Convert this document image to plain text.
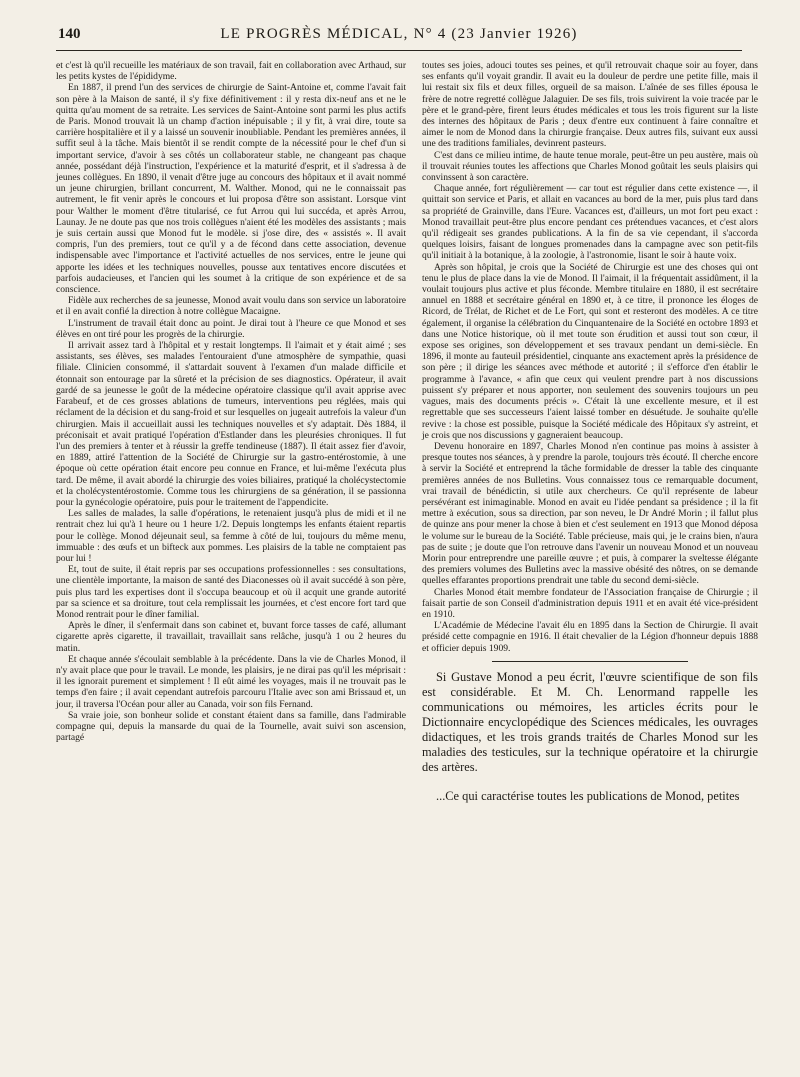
140	LE PROGRÈS MÉDICAL, N° 4 (23 Janvier 1926)

et c'est là qu'il recueille les matériaux de son travail, fait en collaboration avec Arthaud, sur les petits kystes de l'épididyme.

En 1887, il prend l'un des services de chirurgie de Saint-Antoine et, comme l'avait fait son père à la Maison de santé, il s'y fixe définitivement : il y resta dix-neuf ans et ne le quitta qu'au moment de sa retraite. Les services de Saint-Antoine sont parmi les plus actifs de Paris. Monod trouvait là un champ d'action inépuisable ; il y fit, à vrai dire, toute sa carrière hospitalière et il y a laissé un souvenir inoubliable. Pendant les premières années, il suffit seul à la tâche. Mais bientôt il se rendit compte de la nécessité pour le chef d'un si important service, d'avoir à ses côtés un collaborateur stable, ne changeant pas chaque année, possédant déjà l'instruction, l'expérience et la maturité d'esprit, et il s'adressa à de jeunes collègues. En 1890, il venait d'être juge au concours des hôpitaux et il avait nommé un jeune chirurgien, brillant concurrent, M. Walther. Monod, qui ne le connaissait pas autrement, le fit venir après le concours et lui proposa d'être son assistant. Lorsque vint pour Walther le moment d'être titularisé, ce fut Arrou qui lui succéda, et après Arrou, Launay. Je ne doute pas que nos trois collègues n'aient été les modèles des assistants ; mais je suis certain aussi que Monod fut le modèle. si j'ose dire, des « assistés ». Il avait compris, l'un des premiers, tout ce qu'il y a de fécond dans cette association, devenue indispensable avec l'importance et l'activité actuelles de nos services, entre le jeune qui apporte les idées et les techniques nouvelles, pousse aux tentatives encore discutées et parfois audacieuses, et l'ancien qui les soumet à la critique de son expérience et de sa conscience.

Fidèle aux recherches de sa jeunesse, Monod avait voulu dans son service un laboratoire et il en avait confié la direction à notre collègue Macaigne.

L'instrument de travail était donc au point. Je dirai tout à l'heure ce que Monod et ses élèves en ont tiré pour les progrès de la chirurgie.

Il arrivait assez tard à l'hôpital et y restait longtemps. Il l'aimait et y était aimé ; ses assistants, ses élèves, ses malades l'entouraient d'une atmosphère de sympathie, quasi filiale. Clinicien consommé, il s'attardait souvent à l'examen d'un malade difficile et étonnait son entourage par la sûreté et la précision de ses diagnostics. Opérateur, il avait gardé de sa jeunesse le goût de la médecine opératoire classique qu'il avait apprise avec Farabeuf, et de ces grosses ablations de tumeurs, interventions peu réglées, mais qui réclament de la décision et du sang-froid et sur lesquelles on jugeait autrefois la valeur d'un chirurgien. Mais il accueillait aussi les techniques nouvelles et s'y adaptait. Dès 1884, il préconisait et avait pratiqué l'opération d'Estlander dans les pleurésies chroniques. Il fut l'un des premiers à tenter et à réussir la greffe tendineuse (1887). Il était assez fier d'avoir, en 1889, attiré l'attention de la Société de Chirurgie sur la gastro-entérostomie, à une époque où cette opération était encore peu connue en France, et lui-même l'exécuta plus tard. De même, il avait abordé la chirurgie des voies biliaires, pratiqué la cholécystectomie et la cholécystentérostomie. Comme tous les chirurgiens de sa génération, il se passionna pour la gynécologie opératoire, puis pour le traitement de l'appendicite.

Les salles de malades, la salle d'opérations, le retenaient jusqu'à plus de midi et il ne rentrait chez lui qu'à 1 heure ou 1 heure 1/2. Depuis longtemps les enfants étaient repartis pour le collège. Monod déjeunait seul, sa femme à côté de lui, toujours du même menu, immuable : des œufs et un bifteck aux pommes. Les plaisirs de la table ne comptaient pas pour lui !

Et, tout de suite, il était repris par ses occupations professionnelles : ses consultations, une clientèle importante, la maison de santé des Diaconesses où il avait succédé à son père, puis plus tard les expertises dont il s'occupa beaucoup et où il acquit une grande autorité par sa science et sa droiture, tout cela remplissait les journées, et c'est encore fort tard que Monod rentrait pour le dîner familial.

Après le dîner, il s'enfermait dans son cabinet et, buvant force tasses de café, allumant cigarette après cigarette, il travaillait, travaillait sans relâche, jusqu'à 1 ou 2 heures du matin.

Et chaque année s'écoulait semblable à la précédente. Dans la vie de Charles Monod, il n'y avait place que pour le travail. Le monde, les plaisirs, je ne dirai pas qu'il les méprisait : il les ignorait purement et simplement ! Il eût aimé les voyages, mais il ne trouvait pas le temps d'en faire ; il avait cependant autrefois parcouru l'Italie avec son ami Brissaud et, un jour, il traversa l'Océan pour aller au Canada, voir son fils Fernand.

Sa vraie joie, son bonheur solide et constant étaient dans sa famille, dans l'admirable compagne qui, depuis la mansarde du quai de la Tournelle, avait suivi son ascension, partagé

toutes ses joies, adouci toutes ses peines, et qu'il retrouvait chaque soir au foyer, dans ses enfants qu'il voyait grandir. Il avait eu la douleur de perdre une petite fille, mais il lui restait six fils et deux filles, orgueil de sa maison. L'aînée de ses filles épousa le frère de notre regretté collègue Jalaguier. De ses fils, trois suivirent la voie tracée par le père et le grand-père, firent leurs études médicales et tous les trois figurent sur la liste des internes des hôpitaux de Paris ; deux d'entre eux continuent à faire connaître et aimer le nom de Monod dans la chirurgie française. Deux autres fils, suivant eux aussi une des traditions familiales, devinrent pasteurs.

C'est dans ce milieu intime, de haute tenue morale, peut-être un peu austère, mais où il trouvait réunies toutes les affections que Charles Monod goûtait les seuls plaisirs qui convinssent à son caractère.

Chaque année, fort régulièrement — car tout est régulier dans cette existence —, il quittait son service et Paris, et allait en vacances au bord de la mer, puis plus tard dans sa propriété de Grainville, dans l'Eure. Vacances est, d'ailleurs, un mot fort peu exact : Monod travaillait peut-être plus encore pendant ces prétendues vacances, et c'est alors qu'il rédigeait ses grandes publications. A la fin de sa vie cependant, il s'accorda quelques loisirs, faisant de longues promenades dans la campagne avec son petit-fils qu'il initiait à la botanique, à la zoologie, à l'astronomie, lisant le soir à haute voix.

Après son hôpital, je crois que la Société de Chirurgie est une des choses qui ont tenu le plus de place dans la vie de Monod. Il l'aimait, il la fréquentait assidûment, il la voulait toujours plus active et plus féconde. Membre titulaire en 1880, il est secrétaire annuel en 1888 et secrétaire général en 1890 et, à ce titre, il prononce les éloges de Ricord, de Trélat, de Richet et de Le Fort, qui sont et resteront des modèles. A ce titre également, il organise la célébration du Cinquantenaire de la Société en octobre 1893 et dans une Notice historique, où il met toute son érudition et aussi tout son cœur, il expose ses origines, son développement et ses travaux pendant un demi-siècle. En 1896, il monte au fauteuil présidentiel, cinquante ans exactement après la présidence de son père ; il dirige les séances avec méthode et autorité ; il s'efforce d'en établir le programme à l'avance, « afin que ceux qui veulent prendre part à nos discussions puissent s'y préparer et nous apporter, non seulement des souvenirs toujours un peu vagues, mais des documents précis ». C'était là une excellente mesure, et il est regrettable que ses successeurs l'aient laissé tomber en désuétude. Je souhaite qu'elle revive : la chose est possible, puisque la Société médicale des Hôpitaux s'y astreint, et je crois que nos discussions y gagneraient beaucoup.

Devenu honoraire en 1897, Charles Monod n'en continue pas moins à assister à presque toutes nos séances, à y prendre la parole, toujours très écouté. Il cherche encore à servir la Société et entreprend la tâche formidable de dresser la table des cinquante premières années de nos Bulletins. Vous connaissez tous ce remarquable document, vrai travail de bénédictin, si utile aux chercheurs. Ce qu'il représente de labeur persévérant est inimaginable. Monod en avait eu l'idée pendant sa présidence ; il la fit mettre à exécution, sous sa direction, par son neveu, le Dr André Morin ; il fallut plus de quinze ans pour mener la chose à bien et c'est seulement en 1913 que Monod déposa le volume sur le bureau de la Société. Table précieuse, mais qui, je le crains bien, n'aura pas de suite ; je doute que l'on retrouve dans l'avenir un nouveau Monod et un nouveau Morin pour entreprendre une pareille œuvre ; et puis, à comparer la sveltesse élégante des premiers volumes des Bulletins avec la massive obésité des nôtres, on se demande quelles effarantes proportions prendrait une table du second demi-siècle.

Charles Monod était membre fondateur de l'Association française de Chirurgie ; il faisait partie de son Conseil d'administration depuis 1911 et en avait été vice-président en 1910.

L'Académie de Médecine l'avait élu en 1895 dans la Section de Chirurgie. Il avait présidé cette compagnie en 1916. Il était chevalier de la Légion d'honneur depuis 1888 et officier depuis 1909.

Si Gustave Monod a peu écrit, l'œuvre scientifique de son fils est considérable. Et M. Ch. Lenormand rappelle les communications ou mémoires, les articles écrits pour le Dictionnaire encyclopédique des Sciences médicales, les ouvrages didactiques, et les trois grands traités de Charles Monod sur les maladies des testicules, sur la technique opératoire et la chirurgie des artères.

...Ce qui caractérise toutes les publications de Monod, petites
